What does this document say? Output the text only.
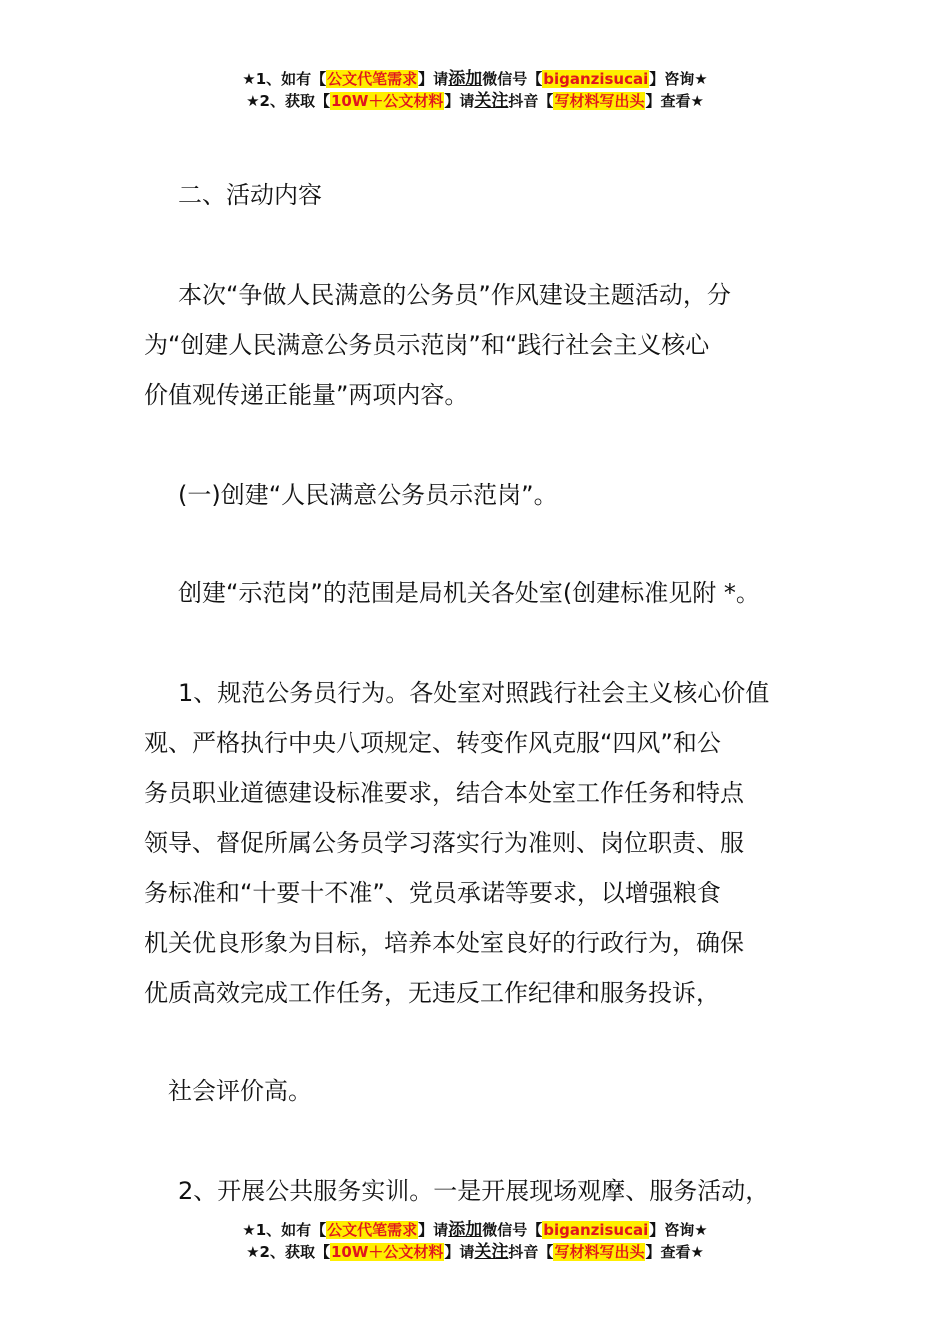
★1、如有【公文代笔需求】请添加微信号【biganzisucai】咨询★
★2、获取【10W＋公文材料】请关注抖音【写材料写出头】查看★

二、活动内容

本次“争做人民满意的公务员”作风建设主题活动，分

为“创建人民满意公务员示范岗”和“践行社会主义核心

价值观传递正能量”两项内容。

(一)创建“人民满意公务员示范岗”。

创建“示范岗”的范围是局机关各处室(创建标准见附 *。

1、规范公务员行为。各处室对照践行社会主义核心价值

观、严格执行中央八项规定、转变作风克服“四风”和公

务员职业道德建设标准要求，结合本处室工作任务和特点

领导、督促所属公务员学习落实行为准则、岗位职责、服

务标准和“十要十不准”、党员承诺等要求，以增强粮食

机关优良形象为目标，培养本处室良好的行政行为，确保

优质高效完成工作任务，无违反工作纪律和服务投诉，

社会评价高。

2、开展公共服务实训。一是开展现场观摩、服务活动，

★1、如有【公文代笔需求】请添加微信号【biganzisucai】咨询★
★2、获取【10W＋公文材料】请关注抖音【写材料写出头】查看★
